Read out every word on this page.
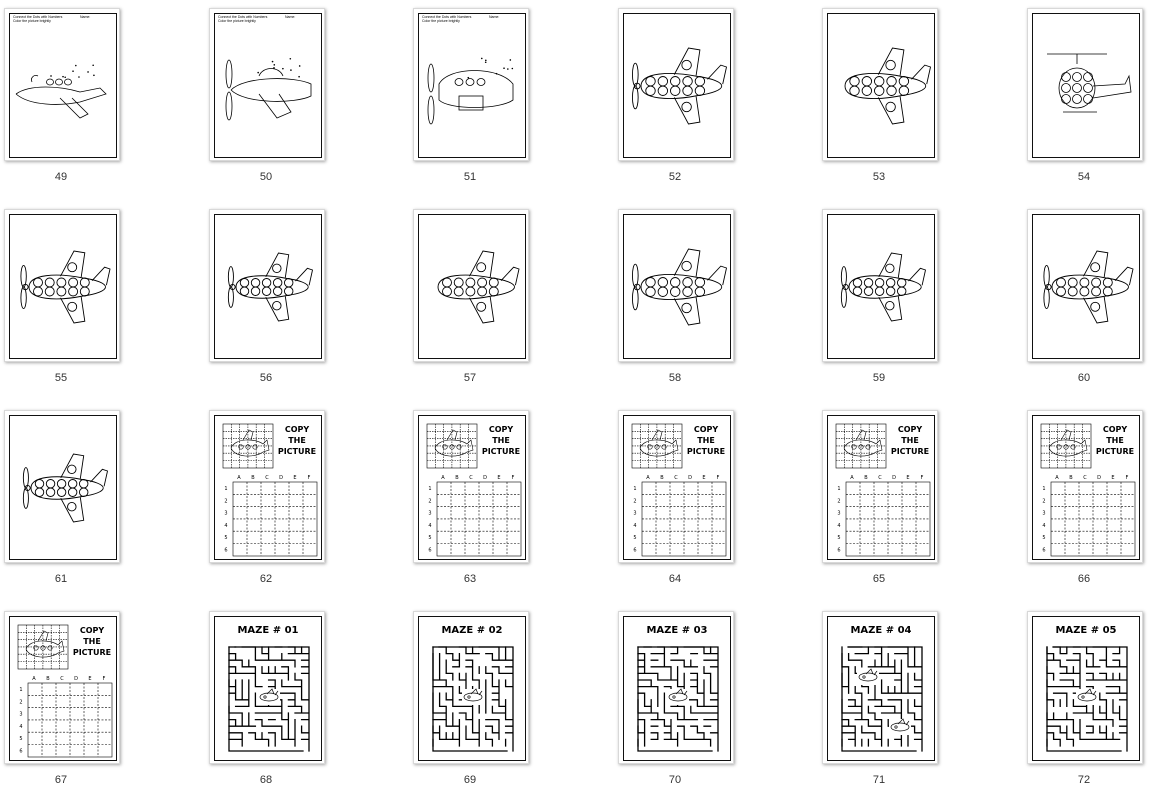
Connect the Dots with Numbers
Color the picture brightly
Name:
49
Connect the Dots with Numbers
Color the picture brightly
Name:
50
Connect the Dots with Numbers
Color the picture brightly
Name:
51	52	53	54
55	56	57	58	59	60
61
A B C D E F
1
2
3
4
5
6
COPY
THE
PICTURE
62
A B C D E F
1
2
3
4
5
6
COPY
THE
PICTURE
63
A B C D E F
1
2
3
4
5
6
COPY
THE
PICTURE
64
A B C D E F
1
2
3
4
5
6
COPY
THE
PICTURE
65
A B C D E F
1
2
3
4
5
6
COPY
THE
PICTURE
66
A B C D E F
1
2
3
4
5
6
COPY
THE
PICTURE
67
MAZE # 01
68
MAZE # 02
69
MAZE # 03
70
MAZE # 04
71
MAZE # 05
72
